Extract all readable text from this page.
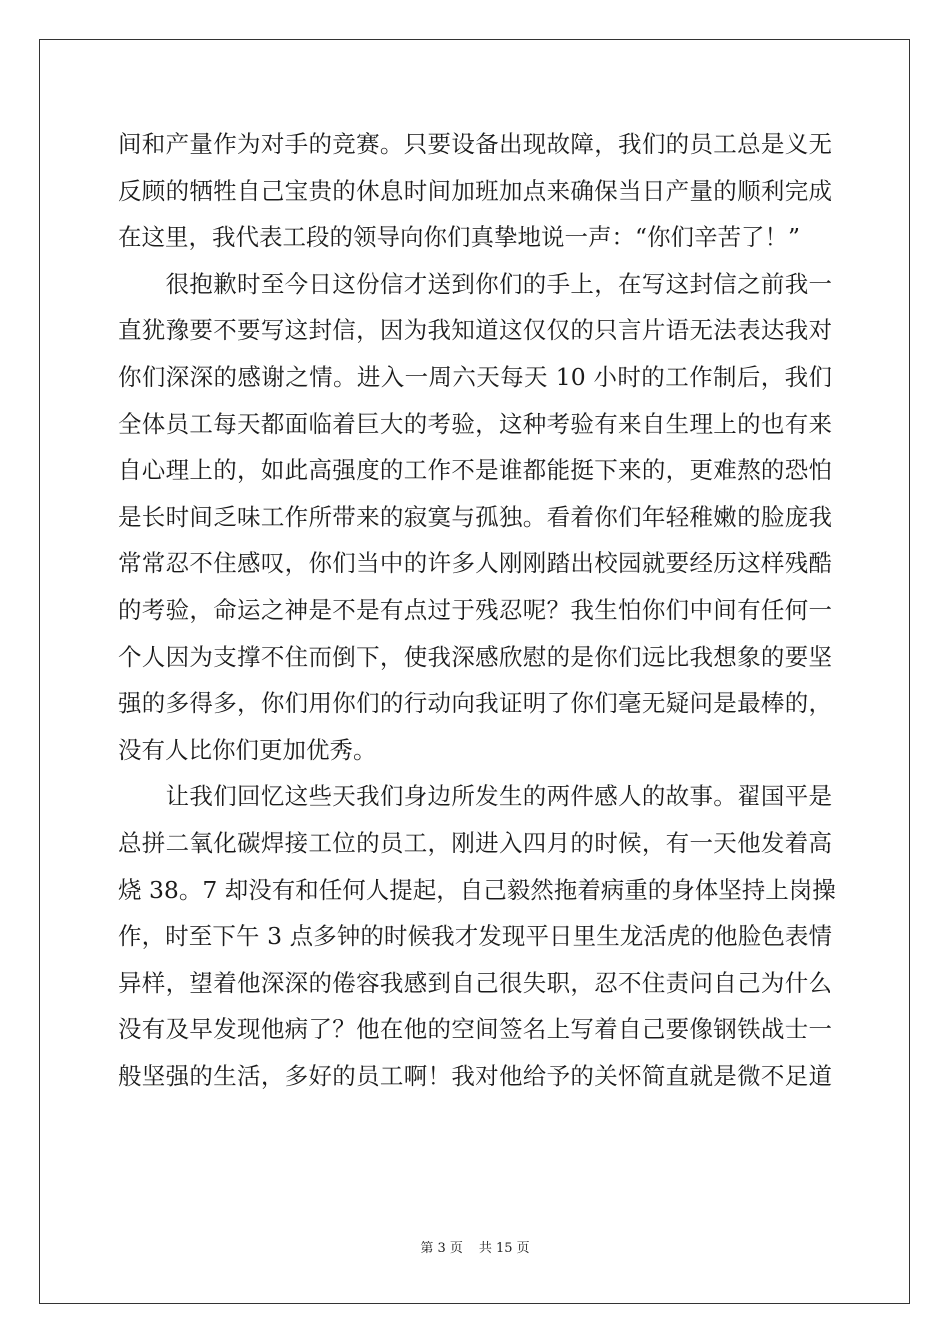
间和产量作为对手的竞赛。只要设备出现故障，我们的员工总是义无
反顾的牺牲自己宝贵的休息时间加班加点来确保当日产量的顺利完成
在这里，我代表工段的领导向你们真挚地说一声：“你们辛苦了！”
　　很抱歉时至今日这份信才送到你们的手上，在写这封信之前我一
直犹豫要不要写这封信，因为我知道这仅仅的只言片语无法表达我对
你们深深的感谢之情。进入一周六天每天 10 小时的工作制后，我们
全体员工每天都面临着巨大的考验，这种考验有来自生理上的也有来
自心理上的，如此高强度的工作不是谁都能挺下来的，更难熬的恐怕
是长时间乏味工作所带来的寂寞与孤独。看着你们年轻稚嫩的脸庞我
常常忍不住感叹，你们当中的许多人刚刚踏出校园就要经历这样残酷
的考验，命运之神是不是有点过于残忍呢？我生怕你们中间有任何一
个人因为支撑不住而倒下，使我深感欣慰的是你们远比我想象的要坚
强的多得多，你们用你们的行动向我证明了你们毫无疑问是最棒的，
没有人比你们更加优秀。
　　让我们回忆这些天我们身边所发生的两件感人的故事。翟国平是
总拼二氧化碳焊接工位的员工，刚进入四月的时候，有一天他发着高
烧 38。7 却没有和任何人提起，自己毅然拖着病重的身体坚持上岗操
作，时至下午 3 点多钟的时候我才发现平日里生龙活虎的他脸色表情
异样，望着他深深的倦容我感到自己很失职，忍不住责问自己为什么
没有及早发现他病了？他在他的空间签名上写着自己要像钢铁战士一
般坚强的生活，多好的员工啊！我对他给予的关怀简直就是微不足道
第 3 页 共 15 页
